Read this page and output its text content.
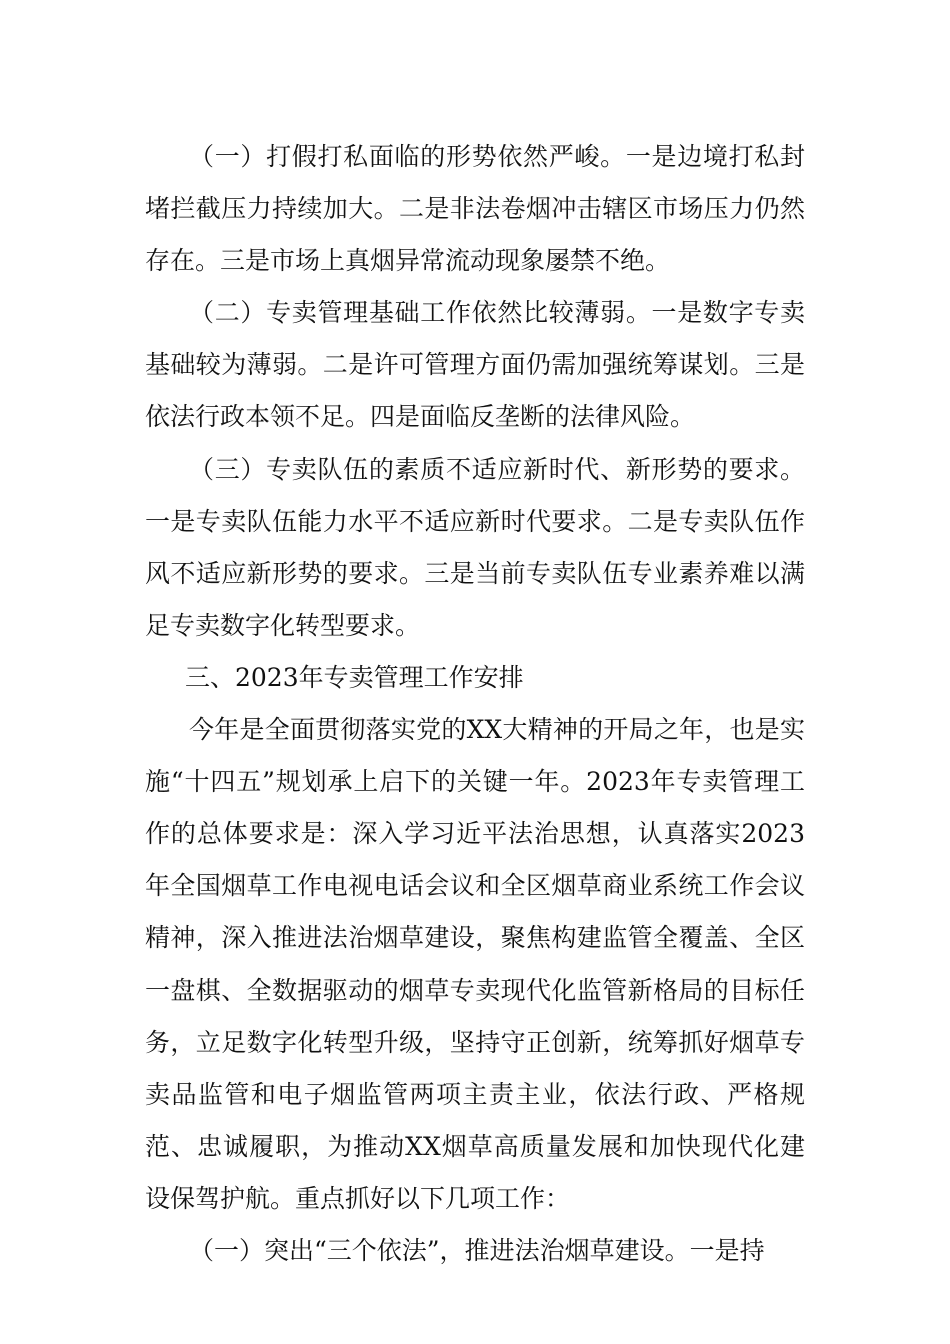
（一）打假打私面临的形势依然严峻。一是边境打私封堵拦截压力持续加大。二是非法卷烟冲击辖区市场压力仍然存在。三是市场上真烟异常流动现象屡禁不绝。

（二）专卖管理基础工作依然比较薄弱。一是数字专卖基础较为薄弱。二是许可管理方面仍需加强统筹谋划。三是依法行政本领不足。四是面临反垄断的法律风险。

（三）专卖队伍的素质不适应新时代、新形势的要求。一是专卖队伍能力水平不适应新时代要求。二是专卖队伍作风不适应新形势的要求。三是当前专卖队伍专业素养难以满足专卖数字化转型要求。

三、2023年专卖管理工作安排

今年是全面贯彻落实党的XX大精神的开局之年，也是实施“十四五”规划承上启下的关键一年。2023年专卖管理工作的总体要求是：深入学习近平法治思想，认真落实2023年全国烟草工作电视电话会议和全区烟草商业系统工作会议精神，深入推进法治烟草建设，聚焦构建监管全覆盖、全区一盘棋、全数据驱动的烟草专卖现代化监管新格局的目标任务，立足数字化转型升级，坚持守正创新，统筹抓好烟草专卖品监管和电子烟监管两项主责主业，依法行政、严格规范、忠诚履职，为推动XX烟草高质量发展和加快现代化建设保驾护航。重点抓好以下几项工作：

（一）突出“三个依法”，推进法治烟草建设。一是持
